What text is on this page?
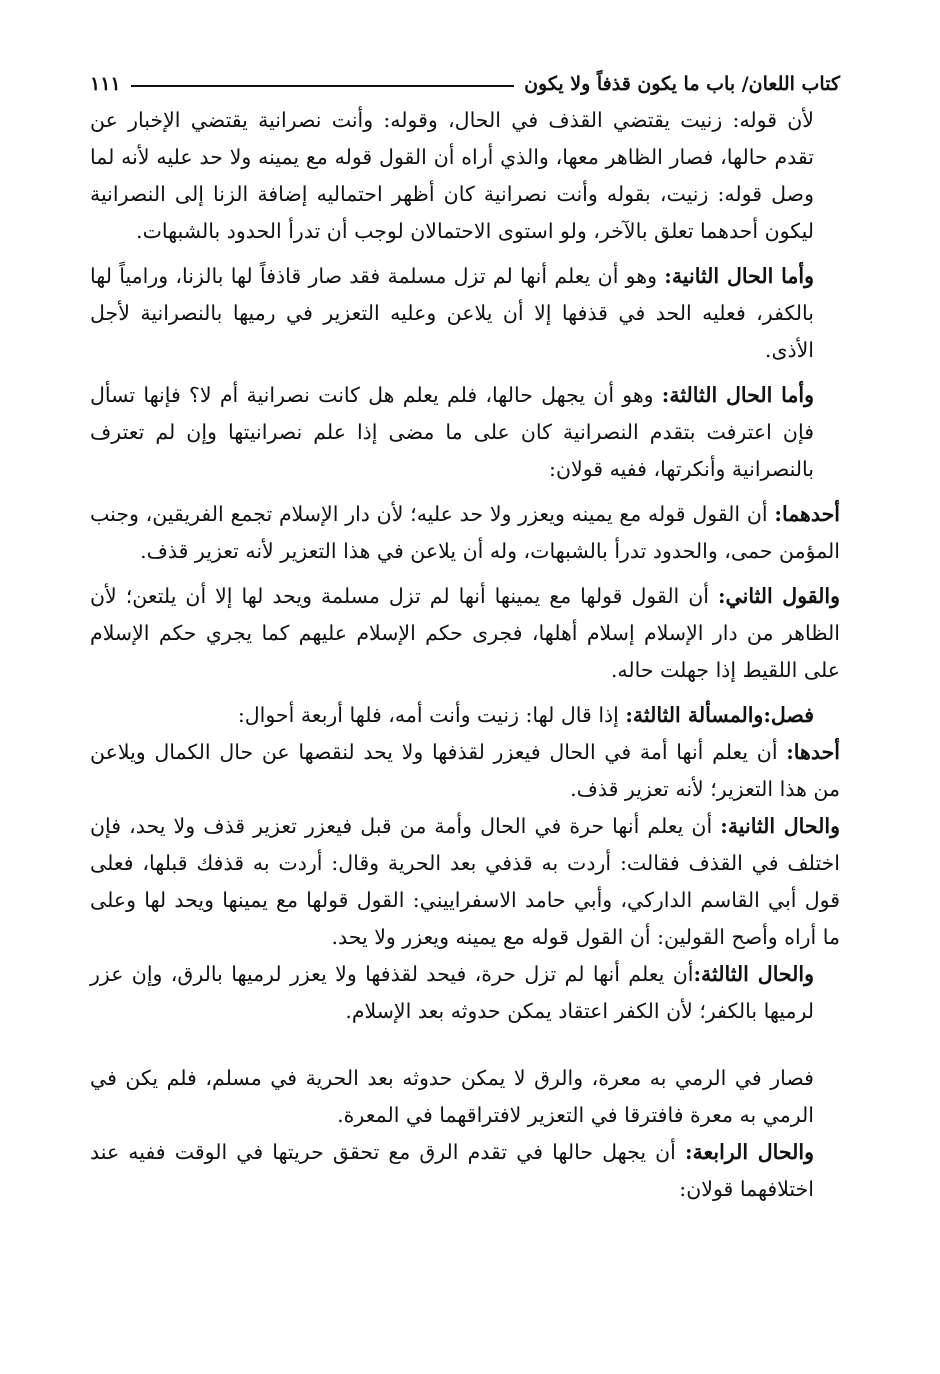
كتاب اللعان/ باب ما يكون قذفاً ولا يكون
١١١

لأن قوله: زنيت يقتضي القذف في الحال، وقوله: وأنت نصرانية يقتضي الإخبار عن تقدم حالها، فصار الظاهر معها، والذي أراه أن القول قوله مع يمينه ولا حد عليه لأنه لما وصل قوله: زنيت، بقوله وأنت نصرانية كان أظهر احتماليه إضافة الزنا إلى النصرانية ليكون أحدهما تعلق بالآخر، ولو استوى الاحتمالان لوجب أن تدرأ الحدود بالشبهات.

وأما الحال الثانية: وهو أن يعلم أنها لم تزل مسلمة فقد صار قاذفاً لها بالزنا، ورامياً لها بالكفر، فعليه الحد في قذفها إلا أن يلاعن وعليه التعزير في رميها بالنصرانية لأجل الأذى.

وأما الحال الثالثة: وهو أن يجهل حالها، فلم يعلم هل كانت نصرانية أم لا؟ فإنها تسأل فإن اعترفت بتقدم النصرانية كان على ما مضى إذا علم نصرانيتها وإن لم تعترف بالنصرانية وأنكرتها، ففيه قولان:

أحدهما: أن القول قوله مع يمينه ويعزر ولا حد عليه؛ لأن دار الإسلام تجمع الفريقين، وجنب المؤمن حمى، والحدود تدرأ بالشبهات، وله أن يلاعن في هذا التعزير لأنه تعزير قذف.

والقول الثاني: أن القول قولها مع يمينها أنها لم تزل مسلمة ويحد لها إلا أن يلتعن؛ لأن الظاهر من دار الإسلام إسلام أهلها، فجرى حكم الإسلام عليهم كما يجري حكم الإسلام على اللقيط إذا جهلت حاله.

فصل:والمسألة الثالثة: إذا قال لها: زنيت وأنت أمه، فلها أربعة أحوال:

أحدها: أن يعلم أنها أمة في الحال فيعزر لقذفها ولا يحد لنقصها عن حال الكمال ويلاعن من هذا التعزير؛ لأنه تعزير قذف.

والحال الثانية: أن يعلم أنها حرة في الحال وأمة من قبل فيعزر تعزير قذف ولا يحد، فإن اختلف في القذف فقالت: أردت به قذفي بعد الحرية وقال: أردت به قذفك قبلها، فعلى قول أبي القاسم الداركي، وأبي حامد الاسفراييني: القول قولها مع يمينها ويحد لها وعلى ما أراه وأصح القولين: أن القول قوله مع يمينه ويعزر ولا يحد.

والحال الثالثة:أن يعلم أنها لم تزل حرة، فيحد لقذفها ولا يعزر لرميها بالرق، وإن عزر لرميها بالكفر؛ لأن الكفر اعتقاد يمكن حدوثه بعد الإسلام.

فصار في الرمي به معرة، والرق لا يمكن حدوثه بعد الحرية في مسلم، فلم يكن في الرمي به معرة فافترقا في التعزير لافتراقهما في المعرة.

والحال الرابعة: أن يجهل حالها في تقدم الرق مع تحقق حريتها في الوقت ففيه عند اختلافهما قولان:
